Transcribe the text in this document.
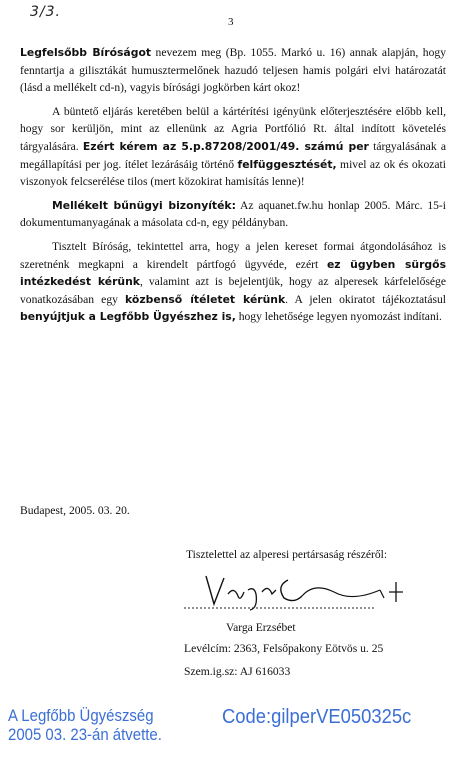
3/3.
3

Legfelsőbb Bíróságot nevezem meg (Bp. 1055. Markó u. 16) annak alapján, hogy fenntartja a gilisztákát humusztermelőnek hazudó teljesen hamis polgári elvi határozatát (lásd a mellékelt cd-n), vagyis bírósági jogkörben kárt okoz!

A büntető eljárás keretében belül a kártérítési igényünk előterjesztésére előbb kell, hogy sor kerüljön, mint az ellenünk az Agria Portfólió Rt. által indított követelés tárgyalására. Ezért kérem az 5.p.87208/2001/49. számú per tárgyalásának a megállapítási per jog. ítélet lezárásáig történő felfüggesztését, mivel az ok és okozati viszonyok felcserélése tilos (mert közokirat hamisítás lenne)!

Mellékelt bűnügyi bizonyíték: Az aquanet.fw.hu honlap 2005. Márc. 15-i dokumentumanyagának a másolata cd-n, egy példányban.

Tisztelt Bíróság, tekintettel arra, hogy a jelen kereset formai átgondolásához is szeretnénk megkapni a kirendelt pártfogó ügyvéde, ezért ez ügyben sürgős intézkedést kérünk, valamint azt is bejelentjük, hogy az alperesek kárfelelősége vonatkozásában egy közbenső ítéletet kérünk. A jelen okiratot tájékoztatásul benyújtjuk a Legfőbb Ügyészhez is, hogy lehetősége legyen nyomozást indítani.

Budapest, 2005. 03. 20.
Tisztelettel az alperesi pertársaság részéről:
Varga Erzsébet
Levélcím: 2363, Felsőpakony Eötvös u. 25
Szem.ig.sz: AJ 616033
A Legfőbb Ügyészség
2005 03. 23-án átvette.
Code:gilperVE050325c
